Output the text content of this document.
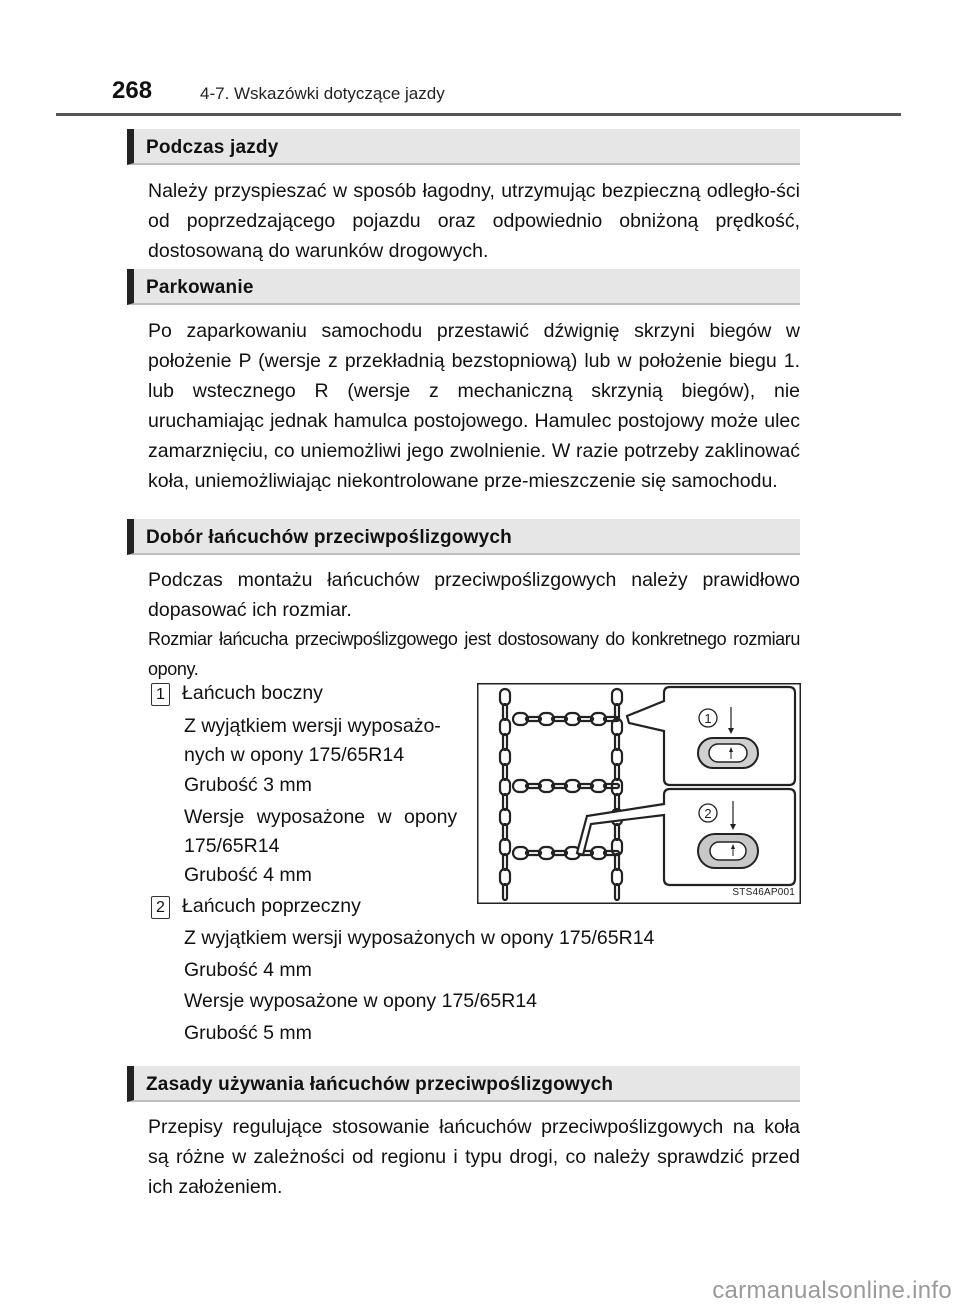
268	4-7. Wskazówki dotyczące jazdy
Podczas jazdy

Należy przyspieszać w sposób łagodny, utrzymując bezpieczną odległo-ści od poprzedzającego pojazdu oraz odpowiednio obniżoną prędkość, dostosowaną do warunków drogowych.

Parkowanie

Po zaparkowaniu samochodu przestawić dźwignię skrzyni biegów w położenie P (wersje z przekładnią bezstopniową) lub w położenie biegu 1. lub wstecznego R (wersje z mechaniczną skrzynią biegów), nie uruchamiając jednak hamulca postojowego. Hamulec postojowy może ulec zamarznięciu, co uniemożliwi jego zwolnienie. W razie potrzeby zaklinować koła, uniemożliwiając niekontrolowane prze-mieszczenie się samochodu.

Dobór łańcuchów przeciwpoślizgowych

Podczas montażu łańcuchów przeciwpoślizgowych należy prawidłowo dopasować ich rozmiar.

Rozmiar łańcucha przeciwpoślizgowego jest dostosowany do konkretnego rozmiaru opony.

1 Łańcuch boczny
Z wyjątkiem wersji wyposażo-
nych w opony 175/65R14
Grubość 3 mm
Wersje wyposażone w opony
175/65R14
Grubość 4 mm
2 Łańcuch poprzeczny
Z wyjątkiem wersji wyposażonych w opony 175/65R14
Grubość 4 mm
Wersje wyposażone w opony 175/65R14
Grubość 5 mm
1
2
STS46AP001
Zasady używania łańcuchów przeciwpoślizgowych

Przepisy regulujące stosowanie łańcuchów przeciwpoślizgowych na koła są różne w zależności od regionu i typu drogi, co należy sprawdzić przed ich założeniem.

carmanualsonline.info
